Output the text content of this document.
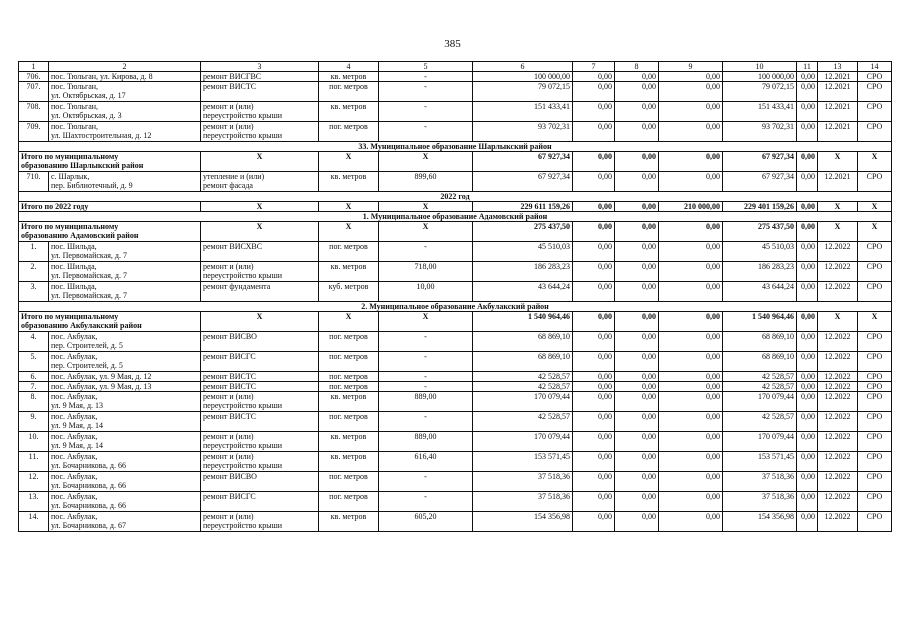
385
1	2	3	4	5	6	7	8	9	10	11	13	14
706.	пос. Тюльган, ул. Кирова, д. 8	ремонт ВИСГВС	кв. метров	-	100 000,00	0,00	0,00	0,00	100 000,00	0,00	12.2021	СРО
707.	пос. Тюльган,
ул. Октябрьская, д. 17	ремонт ВИСТС	пог. метров	-	79 072,15	0,00	0,00	0,00	79 072,15	0,00	12.2021	СРО
708.	пос. Тюльган,
ул. Октябрьская, д. 3	ремонт и (или)
переустройство крыши	кв. метров	-	151 433,41	0,00	0,00	0,00	151 433,41	0,00	12.2021	СРО
709.	пос. Тюльган,
ул. Шахтостроительная, д. 12	ремонт и (или)
переустройство крыши	пог. метров	-	93 702,31	0,00	0,00	0,00	93 702,31	0,00	12.2021	СРО
33. Муниципальное образование Шарлыкский район												
Итого по муниципальному
образованию Шарлыкский район		X	X	X	67 927,34	0,00	0,00	0,00	67 927,34	0,00	X	X
710.	с. Шарлык,
пер. Библиотечный, д. 9	утепление и (или)
ремонт фасада	кв. метров	899,60	67 927,34	0,00	0,00	0,00	67 927,34	0,00	12.2021	СРО
2022 год												
Итого по 2022 году		X	X	X	229 611 159,26	0,00	0,00	210 000,00	229 401 159,26	0,00	X	X
1. Муниципальное образование Адамовский район												
Итого по муниципальному
образованию Адамовский район		X	X	X	275 437,50	0,00	0,00	0,00	275 437,50	0,00	X	X
1.	пос. Шильда,
ул. Первомайская, д. 7	ремонт ВИСХВС	пог. метров	-	45 510,03	0,00	0,00	0,00	45 510,03	0,00	12.2022	СРО
2.	пос. Шильда,
ул. Первомайская, д. 7	ремонт и (или)
переустройство крыши	кв. метров	718,00	186 283,23	0,00	0,00	0,00	186 283,23	0,00	12.2022	СРО
3.	пос. Шильда,
ул. Первомайская, д. 7	ремонт фундамента	куб. метров	10,00	43 644,24	0,00	0,00	0,00	43 644,24	0,00	12.2022	СРО
2. Муниципальное образование Акбулакский район												
Итого по муниципальному
образованию Акбулакский район		X	X	X	1 540 964,46	0,00	0,00	0,00	1 540 964,46	0,00	X	X
4.	пос. Акбулак,
пер. Строителей, д. 5	ремонт ВИСВО	пог. метров	-	68 869,10	0,00	0,00	0,00	68 869,10	0,00	12.2022	СРО
5.	пос. Акбулак,
пер. Строителей, д. 5	ремонт ВИСГС	пог. метров	-	68 869,10	0,00	0,00	0,00	68 869,10	0,00	12.2022	СРО
6.	пос. Акбулак, ул. 9 Мая, д. 12	ремонт ВИСТС	пог. метров	-	42 528,57	0,00	0,00	0,00	42 528,57	0,00	12.2022	СРО
7.	пос. Акбулак, ул. 9 Мая, д. 13	ремонт ВИСТС	пог. метров	-	42 528,57	0,00	0,00	0,00	42 528,57	0,00	12.2022	СРО
8.	пос. Акбулак,
ул. 9 Мая, д. 13	ремонт и (или)
переустройство крыши	кв. метров	889,00	170 079,44	0,00	0,00	0,00	170 079,44	0,00	12.2022	СРО
9.	пос. Акбулак,
ул. 9 Мая, д. 14	ремонт ВИСТС	пог. метров	-	42 528,57	0,00	0,00	0,00	42 528,57	0,00	12.2022	СРО
10.	пос. Акбулак,
ул. 9 Мая, д. 14	ремонт и (или)
переустройство крыши	кв. метров	889,00	170 079,44	0,00	0,00	0,00	170 079,44	0,00	12.2022	СРО
11.	пос. Акбулак,
ул. Бочарникова, д. 66	ремонт и (или)
переустройство крыши	кв. метров	616,40	153 571,45	0,00	0,00	0,00	153 571,45	0,00	12.2022	СРО
12.	пос. Акбулак,
ул. Бочарникова, д. 66	ремонт ВИСВО	пог. метров	-	37 518,36	0,00	0,00	0,00	37 518,36	0,00	12.2022	СРО
13.	пос. Акбулак,
ул. Бочарникова, д. 66	ремонт ВИСГС	пог. метров	-	37 518,36	0,00	0,00	0,00	37 518,36	0,00	12.2022	СРО
14.	пос. Акбулак,
ул. Бочарникова, д. 67	ремонт и (или)
переустройство крыши	кв. метров	605,20	154 356,98	0,00	0,00	0,00	154 356,98	0,00	12.2022	СРО
